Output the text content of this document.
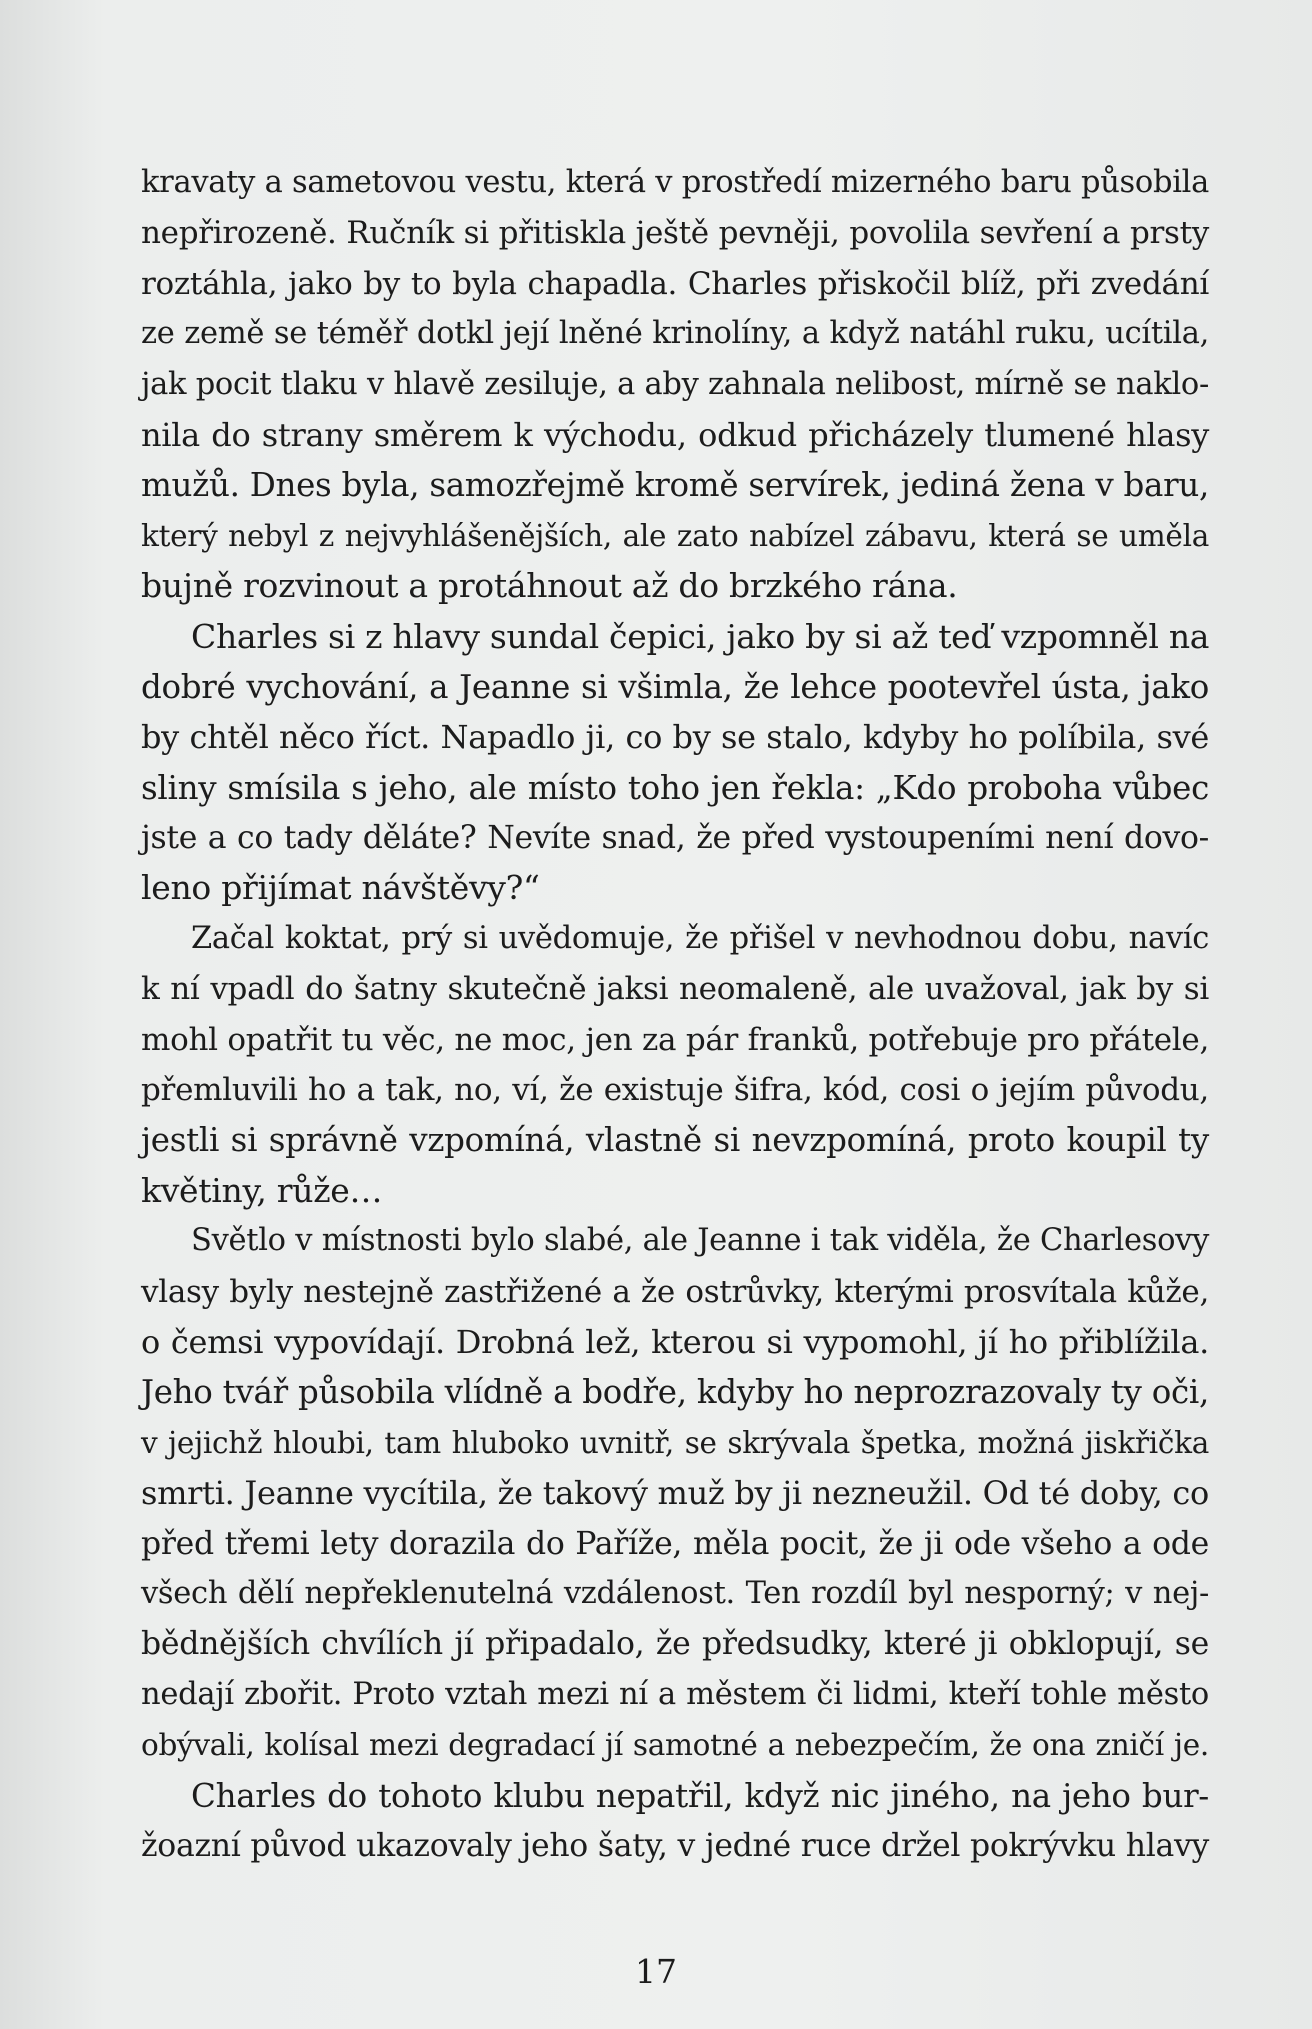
kravaty a sametovou vestu, která v prostředí mizerného baru působila
nepřirozeně. Ručník si přitiskla ještě pevněji, povolila sevření a prsty
roztáhla, jako by to byla chapadla. Charles přiskočil blíž, při zvedání
ze země se téměř dotkl její lněné krinolíny, a když natáhl ruku, ucítila,
jak pocit tlaku v hlavě zesiluje, a aby zahnala nelibost, mírně se naklo-
nila do strany směrem k východu, odkud přicházely tlumené hlasy
mužů. Dnes byla, samozřejmě kromě servírek, jediná žena v baru,
který nebyl z nejvyhlášenějších, ale zato nabízel zábavu, která se uměla
bujně rozvinout a protáhnout až do brzkého rána.
Charles si z hlavy sundal čepici, jako by si až teď vzpomněl na
dobré vychování, a Jeanne si všimla, že lehce pootevřel ústa, jako
by chtěl něco říct. Napadlo ji, co by se stalo, kdyby ho políbila, své
sliny smísila s jeho, ale místo toho jen řekla: „Kdo proboha vůbec
jste a co tady děláte? Nevíte snad, že před vystoupeními není dovo-
leno přijímat návštěvy?“
Začal koktat, prý si uvědomuje, že přišel v nevhodnou dobu, navíc
k ní vpadl do šatny skutečně jaksi neomaleně, ale uvažoval, jak by si
mohl opatřit tu věc, ne moc, jen za pár franků, potřebuje pro přátele,
přemluvili ho a tak, no, ví, že existuje šifra, kód, cosi o jejím původu,
jestli si správně vzpomíná, vlastně si nevzpomíná, proto koupil ty
květiny, růže…
Světlo v místnosti bylo slabé, ale Jeanne i tak viděla, že Charlesovy
vlasy byly nestejně zastřižené a že ostrůvky, kterými prosvítala kůže,
o čemsi vypovídají. Drobná lež, kterou si vypomohl, jí ho přiblížila.
Jeho tvář působila vlídně a bodře, kdyby ho neprozrazovaly ty oči,
v jejichž hloubi, tam hluboko uvnitř, se skrývala špetka, možná jiskřička
smrti. Jeanne vycítila, že takový muž by ji nezneužil. Od té doby, co
před třemi lety dorazila do Paříže, měla pocit, že ji ode všeho a ode
všech dělí nepřeklenutelná vzdálenost. Ten rozdíl byl nesporný; v nej-
bědnějších chvílích jí připadalo, že předsudky, které ji obklopují, se
nedají zbořit. Proto vztah mezi ní a městem či lidmi, kteří tohle město
obývali, kolísal mezi degradací jí samotné a nebezpečím, že ona zničí je.
Charles do tohoto klubu nepatřil, když nic jiného, na jeho bur-
žoazní původ ukazovaly jeho šaty, v jedné ruce držel pokrývku hlavy
17
